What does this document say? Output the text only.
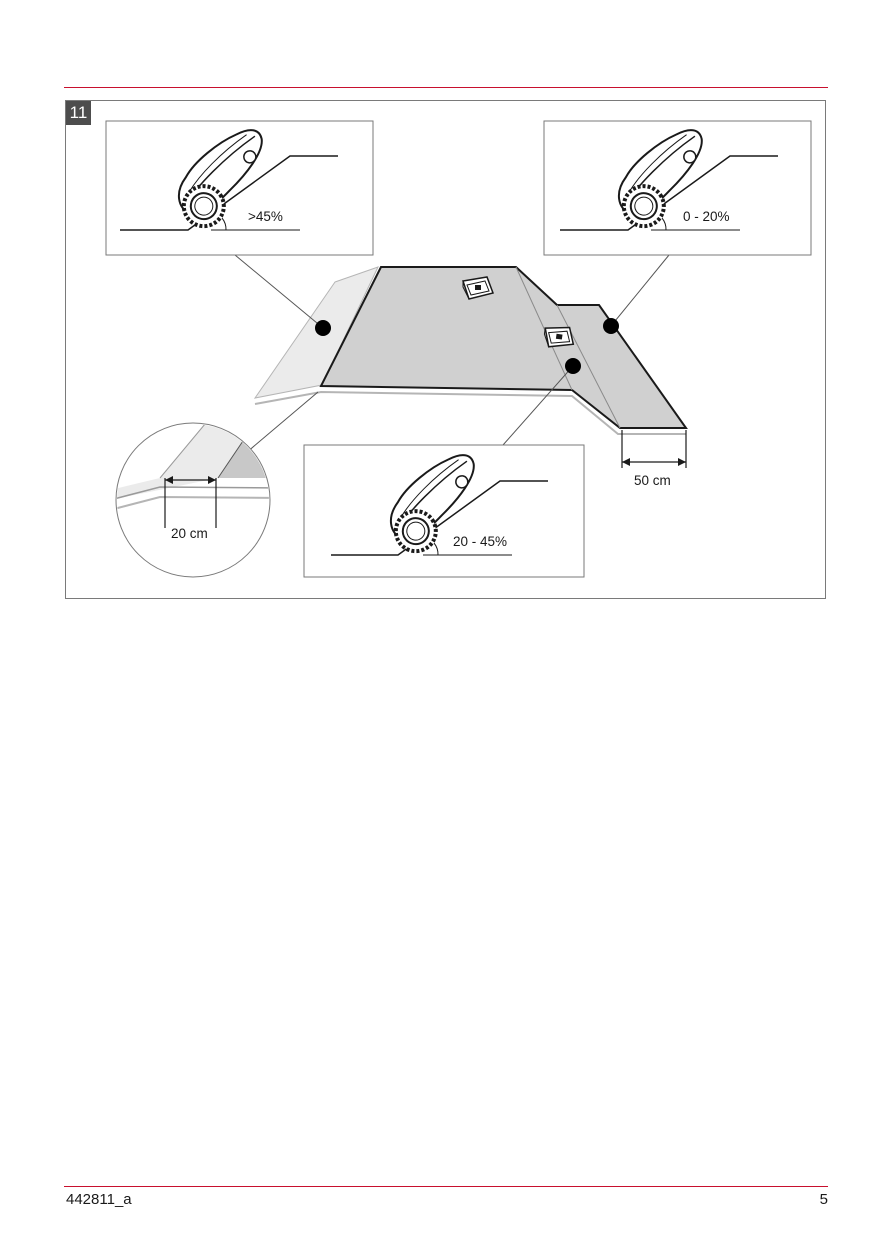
11
>45%	0 - 20%
20 - 45%
20 cm
50 cm
442811_a	5
